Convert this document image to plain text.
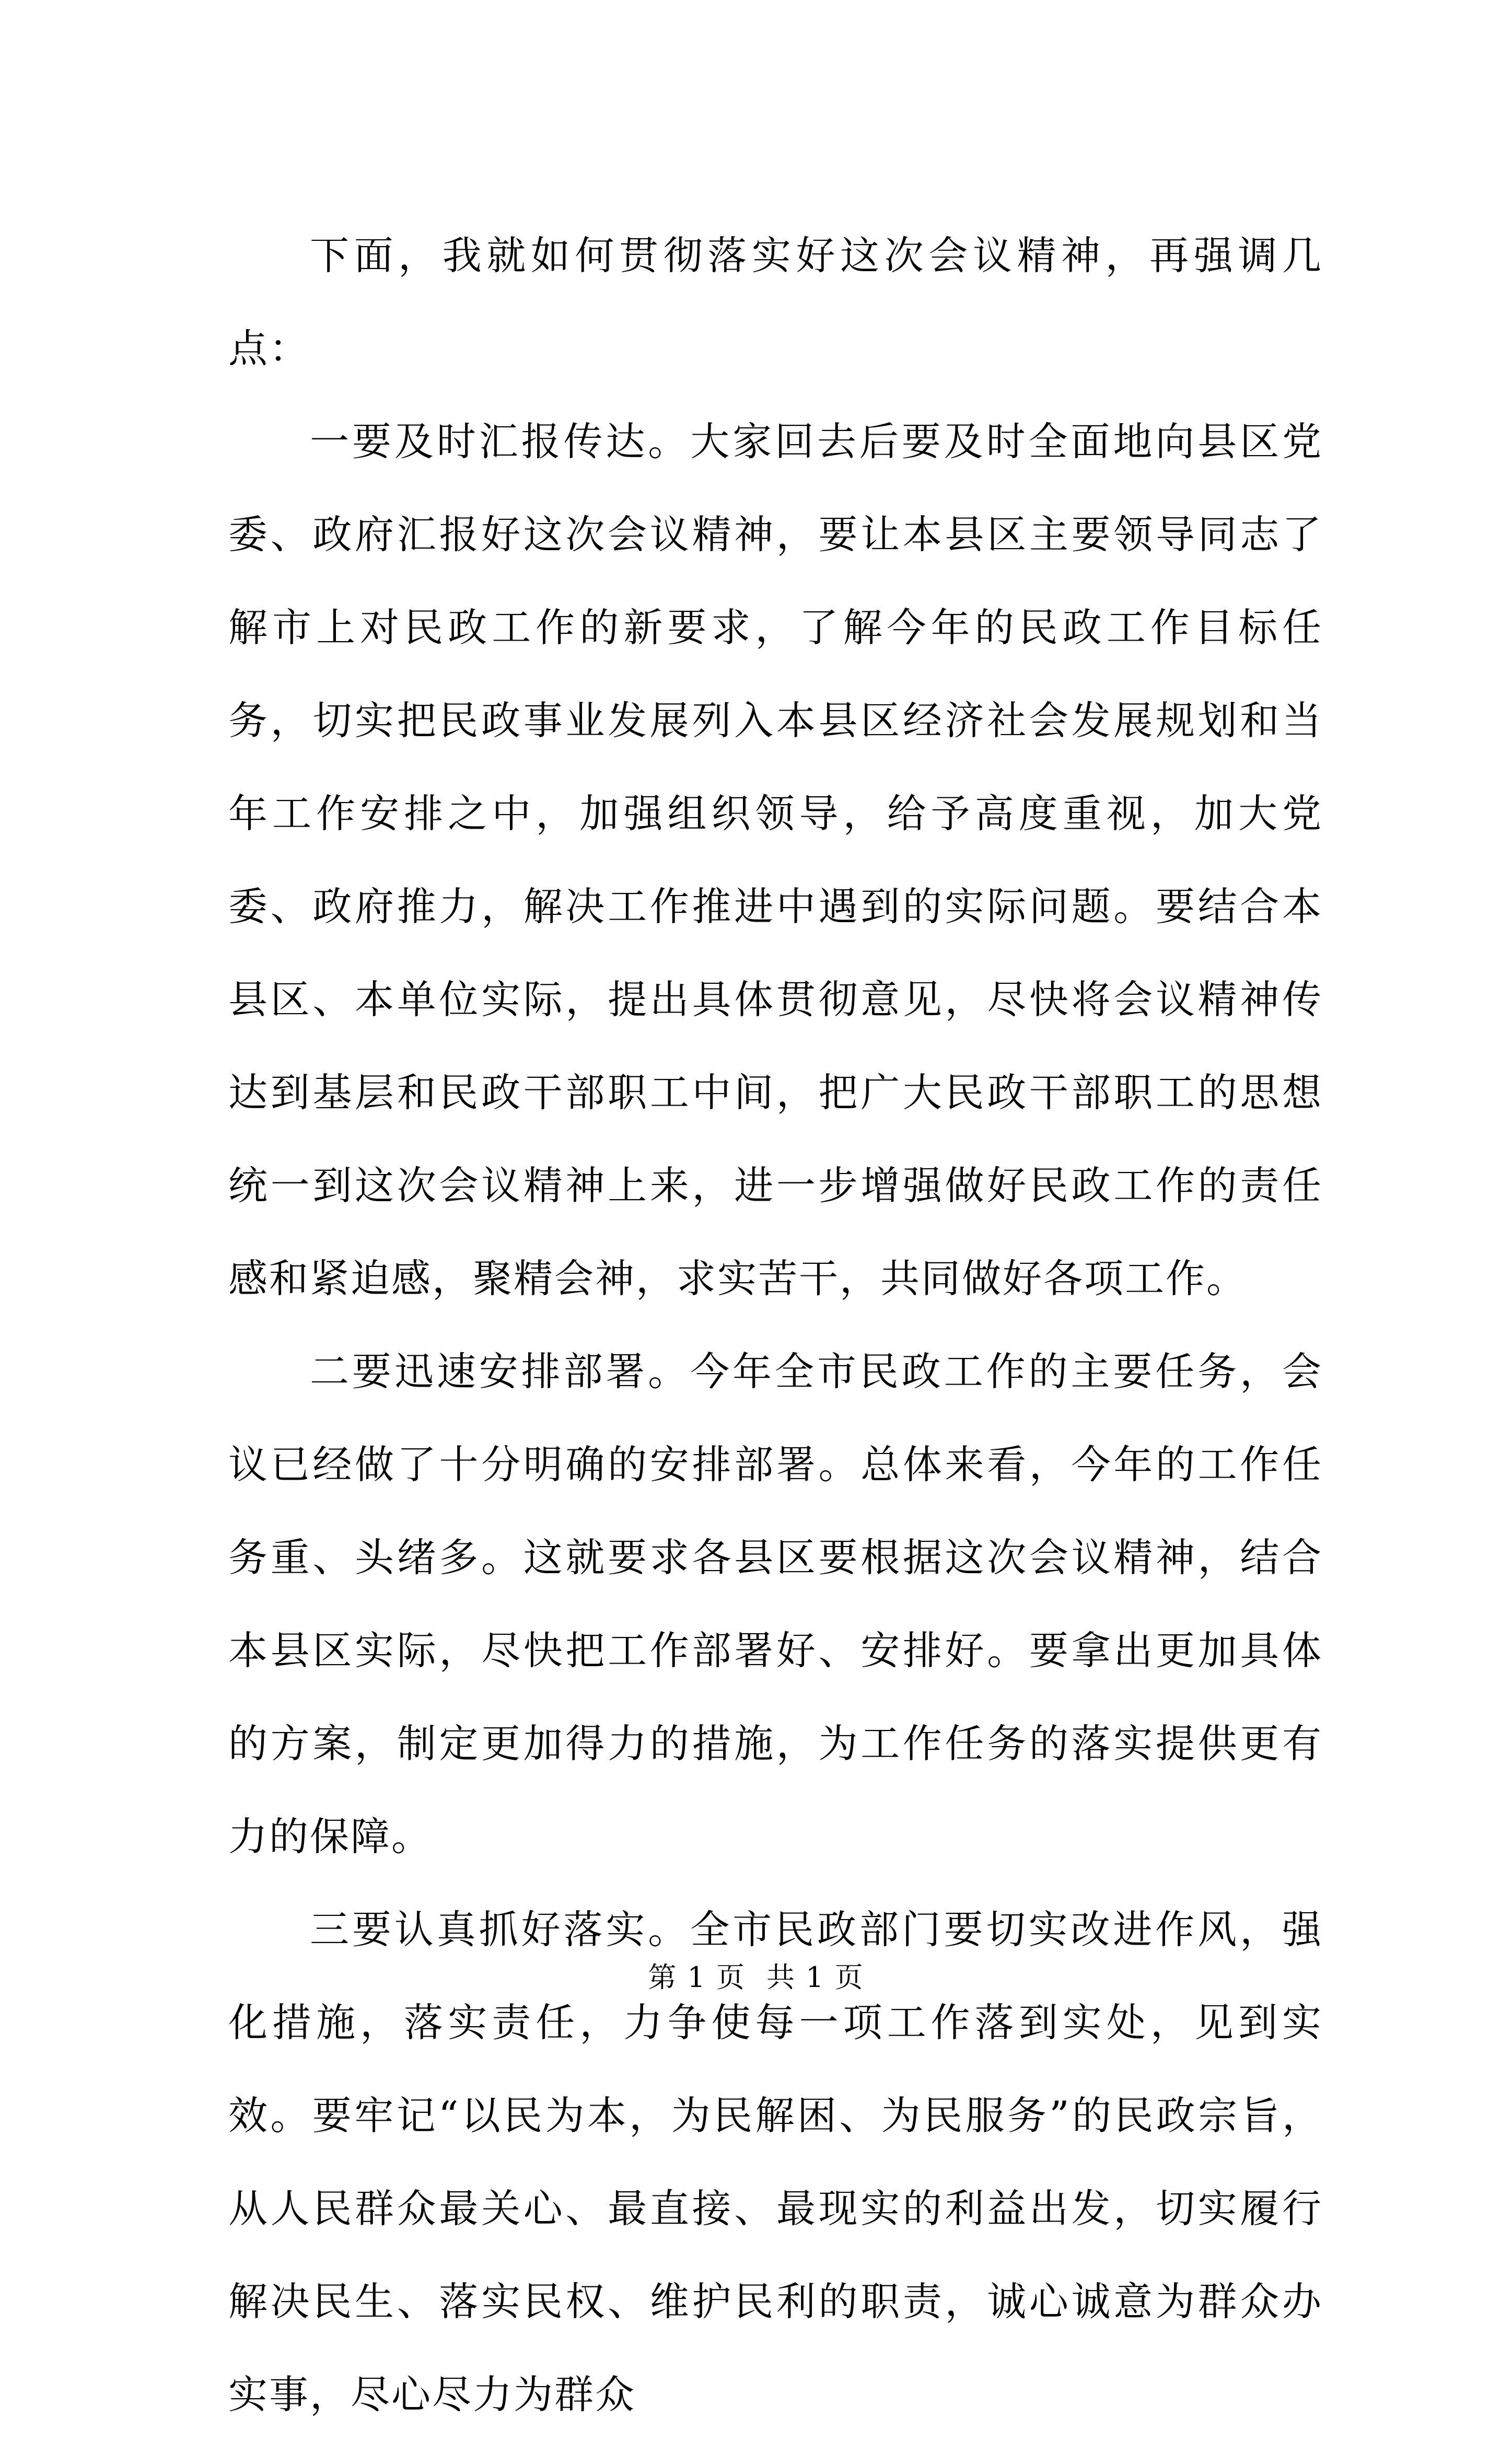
下面，我就如何贯彻落实好这次会议精神，再强调几点：

一要及时汇报传达。大家回去后要及时全面地向县区党委、政府汇报好这次会议精神，要让本县区主要领导同志了解市上对民政工作的新要求，了解今年的民政工作目标任务，切实把民政事业发展列入本县区经济社会发展规划和当年工作安排之中，加强组织领导，给予高度重视，加大党委、政府推力，解决工作推进中遇到的实际问题。要结合本县区、本单位实际，提出具体贯彻意见，尽快将会议精神传达到基层和民政干部职工中间，把广大民政干部职工的思想统一到这次会议精神上来，进一步增强做好民政工作的责任感和紧迫感，聚精会神，求实苦干，共同做好各项工作。

二要迅速安排部署。今年全市民政工作的主要任务，会议已经做了十分明确的安排部署。总体来看，今年的工作任务重、头绪多。这就要求各县区要根据这次会议精神，结合本县区实际，尽快把工作部署好、安排好。要拿出更加具体的方案，制定更加得力的措施，为工作任务的落实提供更有力的保障。

三要认真抓好落实。全市民政部门要切实改进作风，强化措施，落实责任，力争使每一项工作落到实处，见到实效。要牢记“以民为本，为民解困、为民服务”的民政宗旨，从人民群众最关心、最直接、最现实的利益出发，切实履行解决民生、落实民权、维护民利的职责，诚心诚意为群众办实事，尽心尽力为群众

第 1 页 共 1 页
